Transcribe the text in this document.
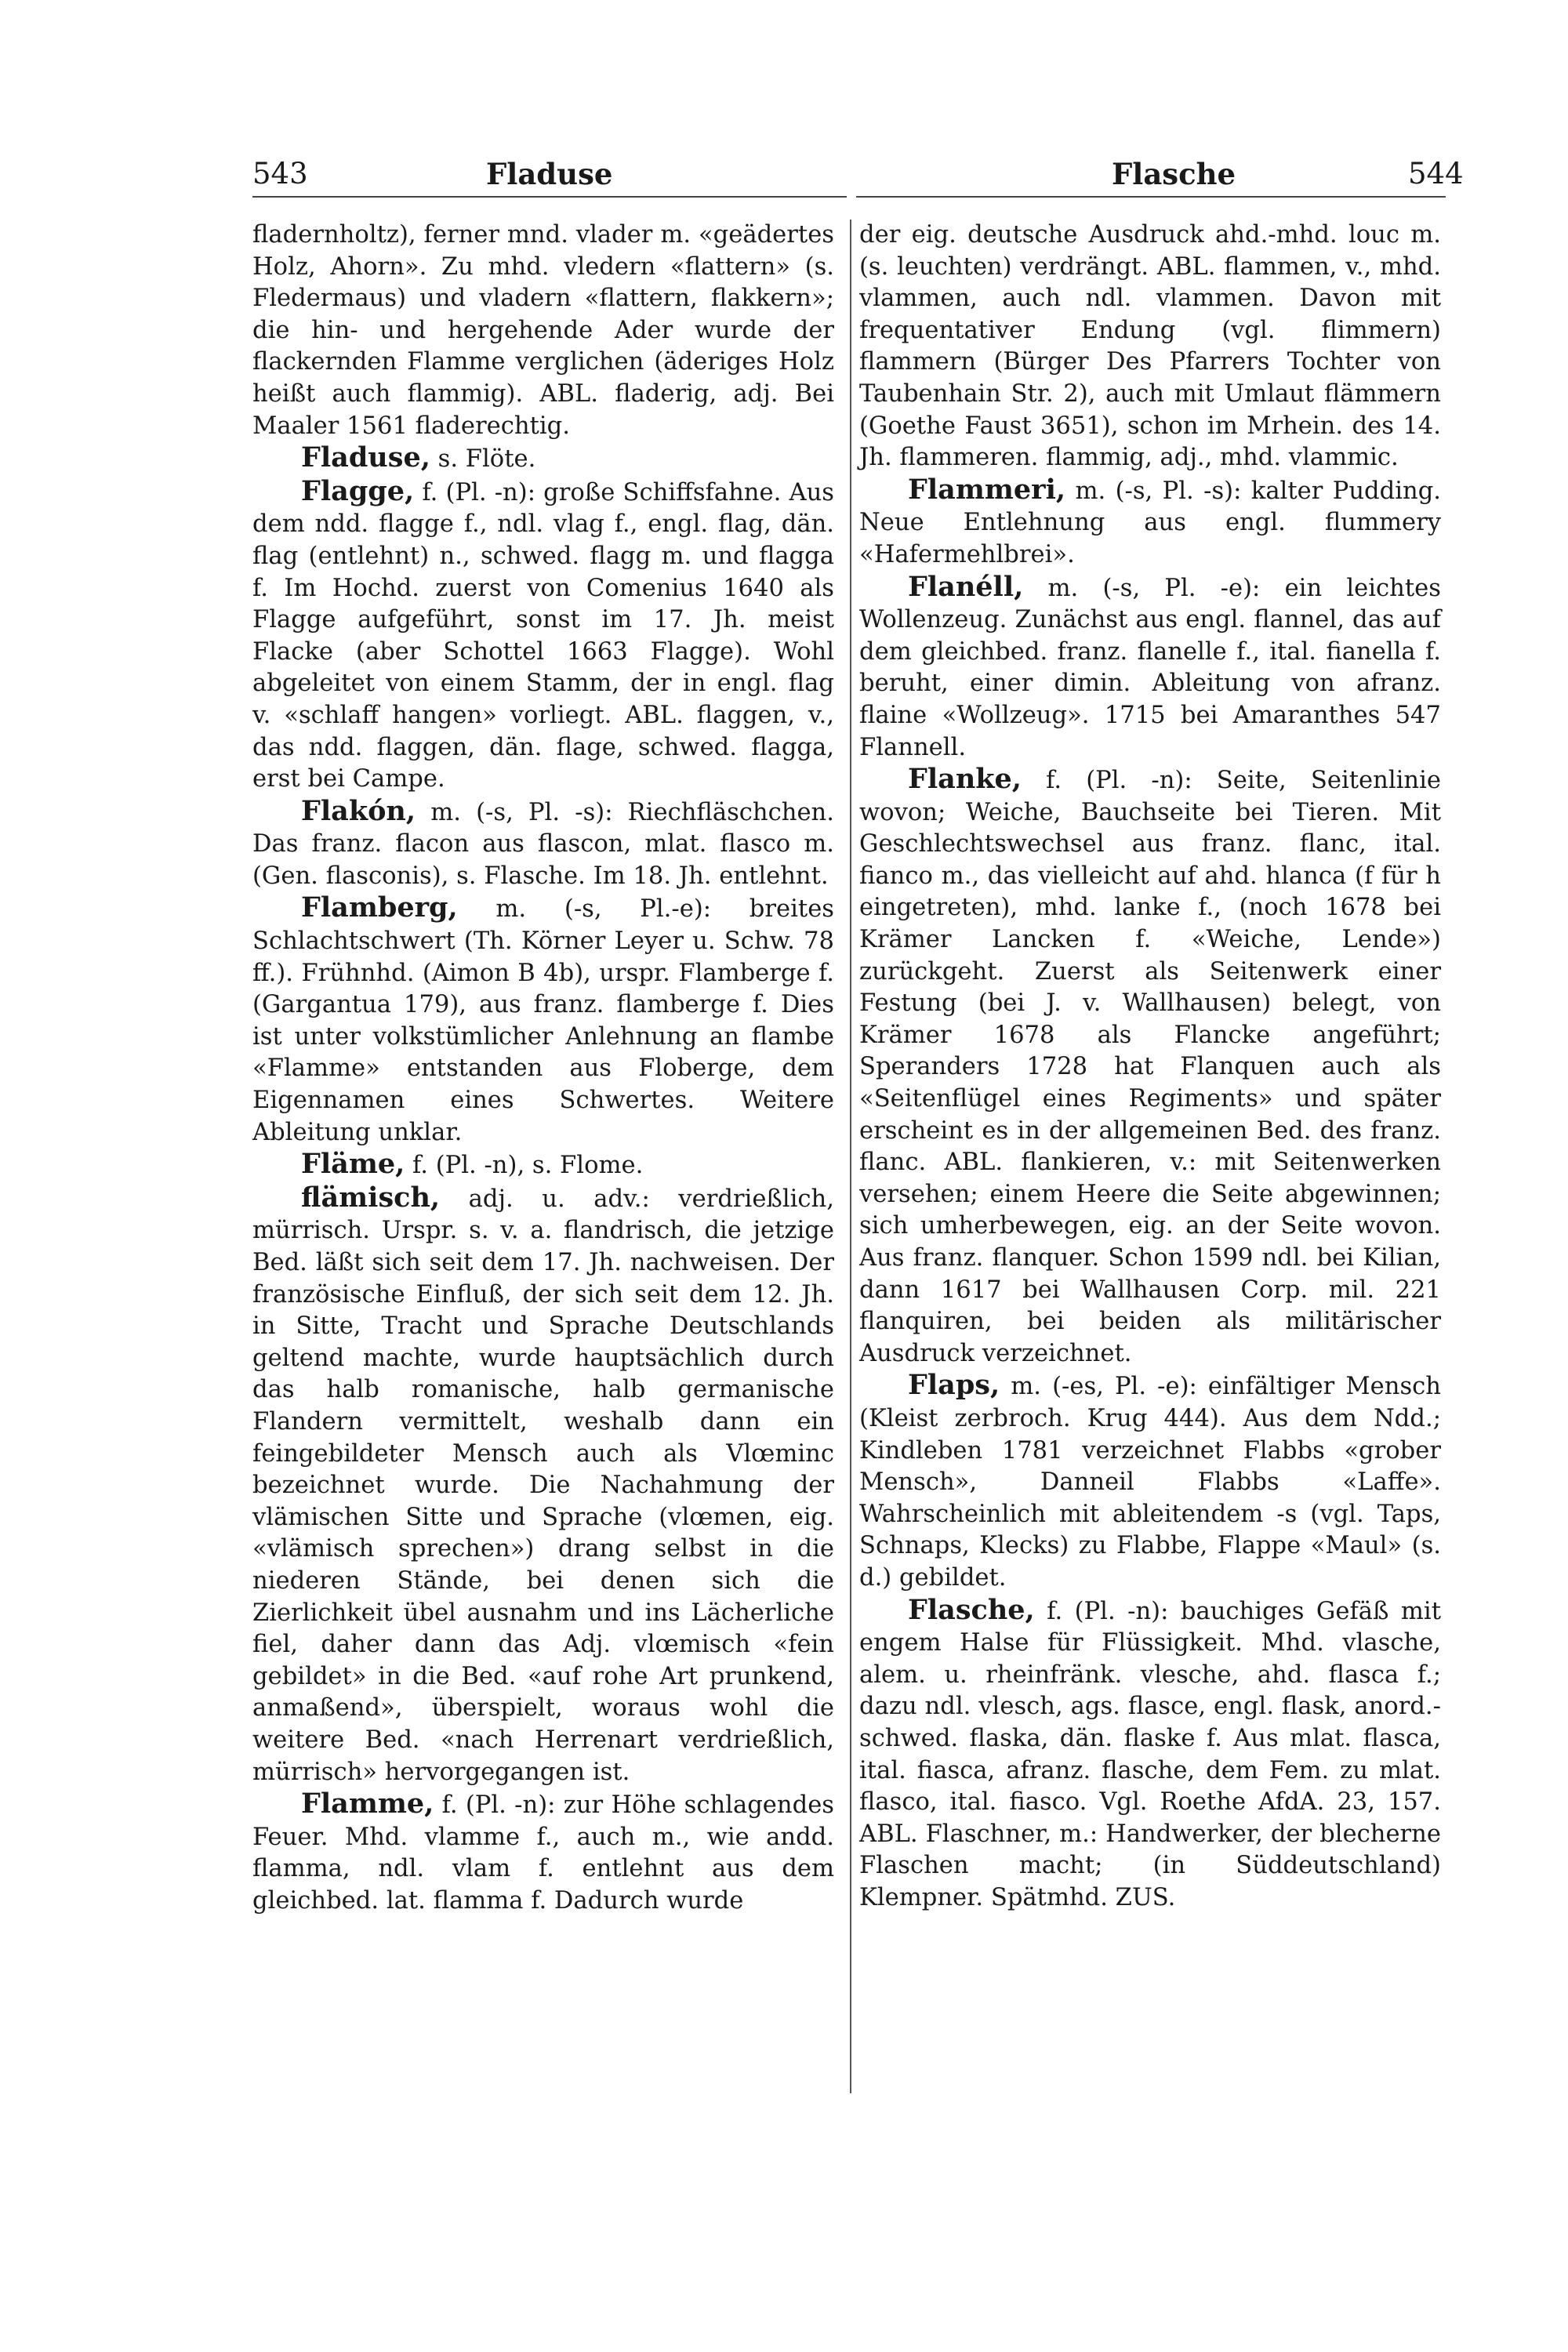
543	Fladuse	Flasche	544

fladernholtz), ferner mnd. vlader m. «geädertes Holz, Ahorn». Zu mhd. vledern «flattern» (s. Fledermaus) und vladern «flattern, flakkern»; die hin- und hergehende Ader wurde der flackernden Flamme verglichen (äderiges Holz heißt auch flammig). ABL. fladerig, adj. Bei Maaler 1561 fladerechtig.

Fladuse, s. Flöte.

Flagge, f. (Pl. -n): große Schiffsfahne. Aus dem ndd. flagge f., ndl. vlag f., engl. flag, dän. flag (entlehnt) n., schwed. flagg m. und flagga f. Im Hochd. zuerst von Comenius 1640 als Flagge aufgeführt, sonst im 17. Jh. meist Flacke (aber Schottel 1663 Flagge). Wohl abgeleitet von einem Stamm, der in engl. flag v. «schlaff hangen» vorliegt. ABL. flaggen, v., das ndd. flaggen, dän. flage, schwed. flagga, erst bei Campe.

Flakón, m. (-s, Pl. -s): Riechfläschchen. Das franz. flacon aus flascon, mlat. flasco m. (Gen. flasconis), s. Flasche. Im 18. Jh. entlehnt.

Flamberg, m. (-s, Pl.-e): breites Schlachtschwert (Th. Körner Leyer u. Schw. 78 ff.). Frühnhd. (Aimon B 4b), urspr. Flamberge f. (Gargantua 179), aus franz. flamberge f. Dies ist unter volkstümlicher Anlehnung an flambe «Flamme» entstanden aus Floberge, dem Eigennamen eines Schwertes. Weitere Ableitung unklar.

Fläme, f. (Pl. -n), s. Flome.

flämisch, adj. u. adv.: verdrießlich, mürrisch. Urspr. s. v. a. flandrisch, die jetzige Bed. läßt sich seit dem 17. Jh. nachweisen. Der französische Einfluß, der sich seit dem 12. Jh. in Sitte, Tracht und Sprache Deutschlands geltend machte, wurde hauptsächlich durch das halb romanische, halb germanische Flandern vermittelt, weshalb dann ein feingebildeter Mensch auch als Vlœminc bezeichnet wurde. Die Nachahmung der vlämischen Sitte und Sprache (vlœmen, eig. «vlämisch sprechen») drang selbst in die niederen Stände, bei denen sich die Zierlichkeit übel ausnahm und ins Lächerliche fiel, daher dann das Adj. vlœmisch «fein gebildet» in die Bed. «auf rohe Art prunkend, anmaßend», überspielt, woraus wohl die weitere Bed. «nach Herrenart verdrießlich, mürrisch» hervorgegangen ist.

Flamme, f. (Pl. -n): zur Höhe schlagendes Feuer. Mhd. vlamme f., auch m., wie andd. flamma, ndl. vlam f. entlehnt aus dem gleichbed. lat. flamma f. Dadurch wurde

der eig. deutsche Ausdruck ahd.-mhd. louc m. (s. leuchten) verdrängt. ABL. flammen, v., mhd. vlammen, auch ndl. vlammen. Davon mit frequentativer Endung (vgl. flimmern) flammern (Bürger Des Pfarrers Tochter von Taubenhain Str. 2), auch mit Umlaut flämmern (Goethe Faust 3651), schon im Mrhein. des 14. Jh. flammeren. flammig, adj., mhd. vlammic.

Flammeri, m. (-s, Pl. -s): kalter Pudding. Neue Entlehnung aus engl. flummery «Hafermehlbrei».

Flanéll, m. (-s, Pl. -e): ein leichtes Wollenzeug. Zunächst aus engl. flannel, das auf dem gleichbed. franz. flanelle f., ital. fianella f. beruht, einer dimin. Ableitung von afranz. flaine «Wollzeug». 1715 bei Amaranthes 547 Flannell.

Flanke, f. (Pl. -n): Seite, Seitenlinie wovon; Weiche, Bauchseite bei Tieren. Mit Geschlechtswechsel aus franz. flanc, ital. fianco m., das vielleicht auf ahd. hlanca (f für h eingetreten), mhd. lanke f., (noch 1678 bei Krämer Lancken f. «Weiche, Lende») zurückgeht. Zuerst als Seitenwerk einer Festung (bei J. v. Wallhausen) belegt, von Krämer 1678 als Flancke angeführt; Speranders 1728 hat Flanquen auch als «Seitenflügel eines Regiments» und später erscheint es in der allgemeinen Bed. des franz. flanc. ABL. flankieren, v.: mit Seitenwerken versehen; einem Heere die Seite abgewinnen; sich umherbewegen, eig. an der Seite wovon. Aus franz. flanquer. Schon 1599 ndl. bei Kilian, dann 1617 bei Wallhausen Corp. mil. 221 flanquiren, bei beiden als militärischer Ausdruck verzeichnet.

Flaps, m. (-es, Pl. -e): einfältiger Mensch (Kleist zerbroch. Krug 444). Aus dem Ndd.; Kindleben 1781 verzeichnet Flabbs «grober Mensch», Danneil Flabbs «Laffe». Wahrscheinlich mit ableitendem -s (vgl. Taps, Schnaps, Klecks) zu Flabbe, Flappe «Maul» (s. d.) gebildet.

Flasche, f. (Pl. -n): bauchiges Gefäß mit engem Halse für Flüssigkeit. Mhd. vlasche, alem. u. rheinfränk. vlesche, ahd. flasca f.; dazu ndl. vlesch, ags. flasce, engl. flask, anord.-schwed. flaska, dän. flaske f. Aus mlat. flasca, ital. fiasca, afranz. flasche, dem Fem. zu mlat. flasco, ital. fiasco. Vgl. Roethe AfdA. 23, 157. ABL. Flaschner, m.: Handwerker, der blecherne Flaschen macht; (in Süddeutschland) Klempner. Spätmhd. ZUS.
